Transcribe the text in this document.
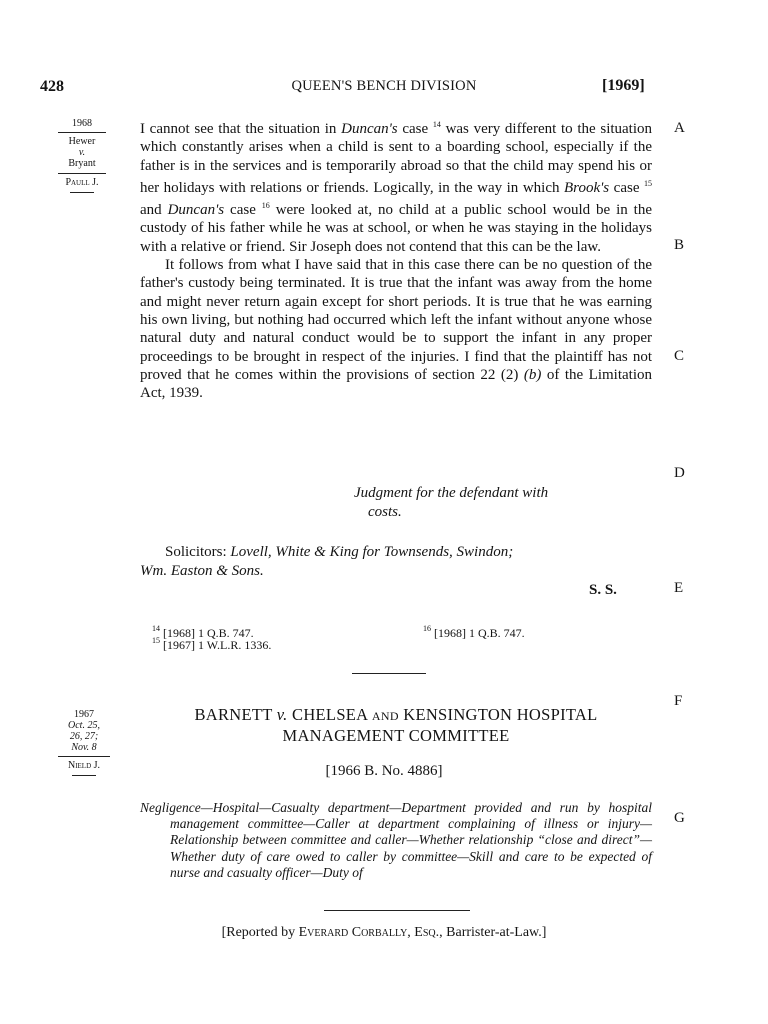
428	QUEEN'S BENCH DIVISION	[1969]
1968
Hewer
v.
Bryant
Paull J.
A
B
C
D
E
F
G

I cannot see that the situation in Duncan's case $^{14}$ was very different to the situation which constantly arises when a child is sent to a boarding school, especially if the father is in the services and is temporarily abroad so that the child may spend his or her holidays with relations or friends. Logically, in the way in which Brook's case $^{15}$ and Duncan's case $^{16}$ were looked at, no child at a public school would be in the custody of his father while he was at school, or when he was staying in the holidays with a relative or friend. Sir Joseph does not contend that this can be the law.

It follows from what I have said that in this case there can be no question of the father's custody being terminated. It is true that the infant was away from the home and might never return again except for short periods. It is true that he was earning his own living, but nothing had occurred which left the infant without anyone whose natural duty and natural conduct would be to support the infant in any proper proceedings to be brought in respect of the injuries. I find that the plaintiff has not proved that he comes within the provisions of section 22 (2) (b) of the Limitation Act, 1939.

Judgment for the defendant with
costs.
Solicitors: Lovell, White & King for Townsends, Swindon;
Wm. Easton & Sons.
S. S.
$^{14}$ [1968] 1 Q.B. 747.
$^{15}$ [1967] 1 W.L.R. 1336.
$^{16}$ [1968] 1 Q.B. 747.
1967
Oct. 25,
26, 27;
Nov. 8
Nield J.
BARNETT v. CHELSEA AND KENSINGTON HOSPITAL
MANAGEMENT COMMITTEE
[1966 B. No. 4886]

Negligence—Hospital—Casualty department—Department provided and run by hospital management committee—Caller at department complaining of illness or injury—Relationship between committee and caller—Whether relationship “close and direct”—Whether duty of care owed to caller by committee—Skill and care to be expected of nurse and casualty officer—Duty of

[Reported by Everard Corbally, Esq., Barrister-at-Law.]
